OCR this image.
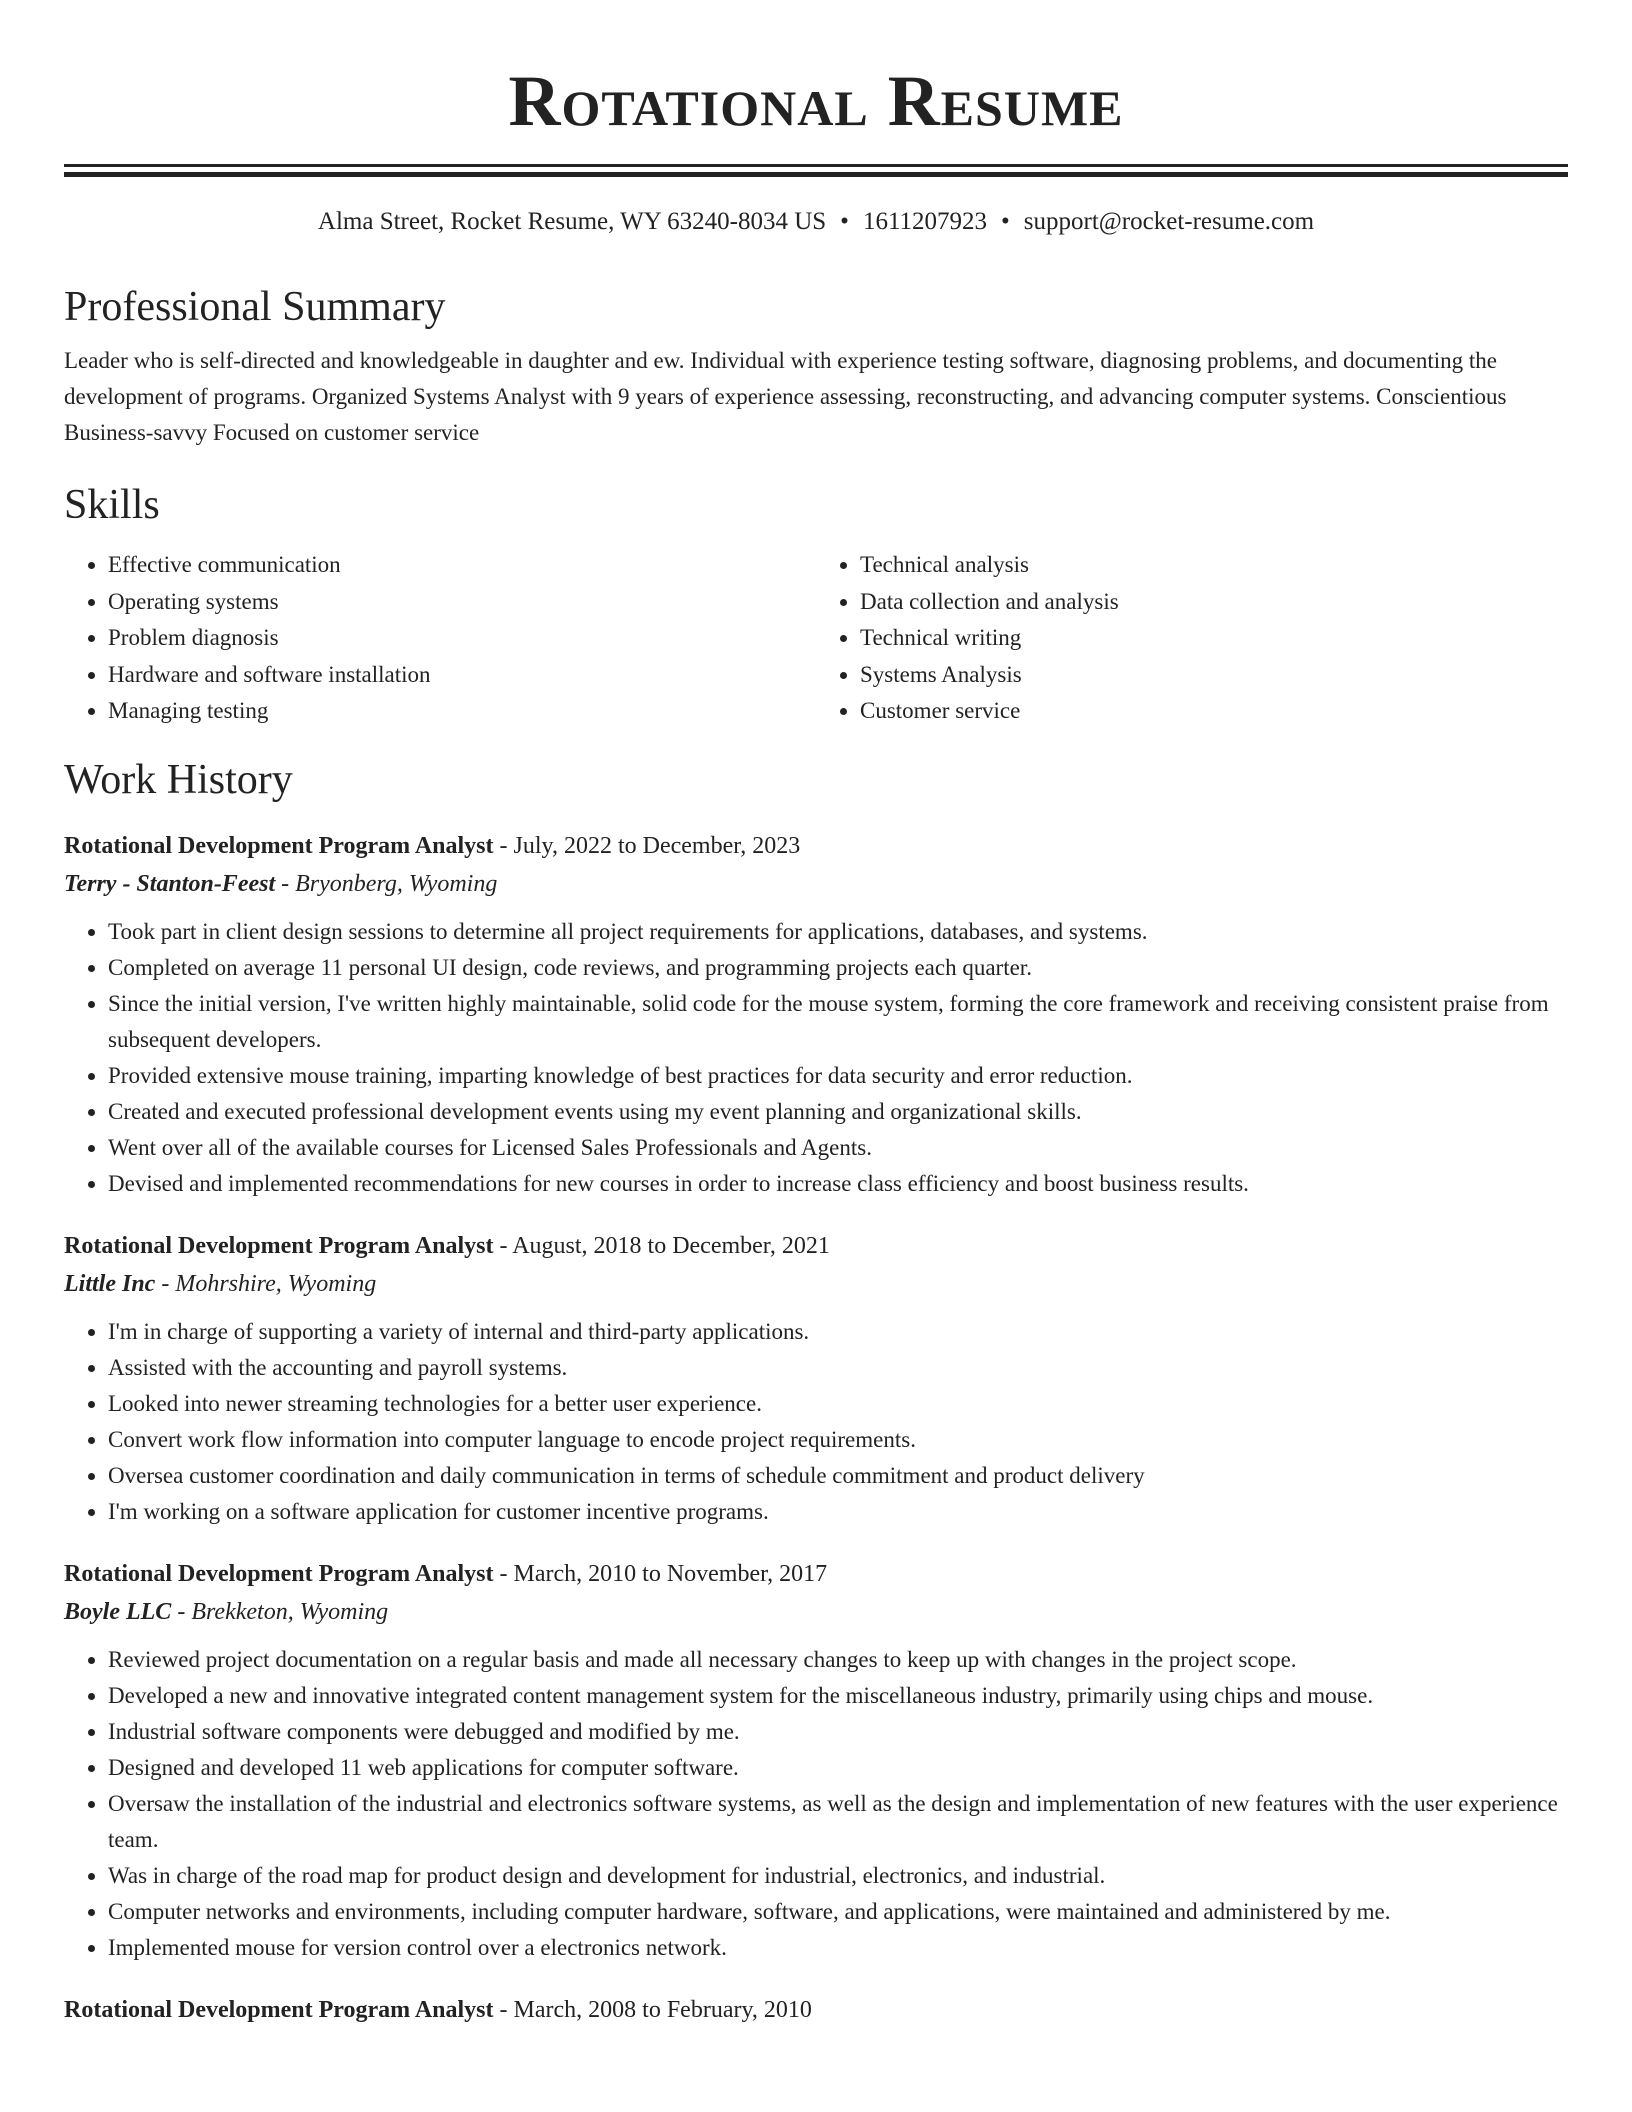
Rotational Resume
Alma Street, Rocket Resume, WY 63240-8034 US • 1611207923 • support@rocket-resume.com
Professional Summary

Leader who is self-directed and knowledgeable in daughter and ew. Individual with experience testing software, diagnosing problems, and documenting the development of programs. Organized Systems Analyst with 9 years of experience assessing, reconstructing, and advancing computer systems. Conscientious Business-savvy Focused on customer service

Skills
• Effective communication
• Operating systems
• Problem diagnosis
• Hardware and software installation
• Managing testing
• Technical analysis
• Data collection and analysis
• Technical writing
• Systems Analysis
• Customer service
Work History
Rotational Development Program Analyst - July, 2022 to December, 2023
Terry - Stanton-Feest - Bryonberg, Wyoming
• Took part in client design sessions to determine all project requirements for applications, databases, and systems.
• Completed on average 11 personal UI design, code reviews, and programming projects each quarter.
• Since the initial version, I've written highly maintainable, solid code for the mouse system, forming the core framework and receiving consistent praise from subsequent developers.
• Provided extensive mouse training, imparting knowledge of best practices for data security and error reduction.
• Created and executed professional development events using my event planning and organizational skills.
• Went over all of the available courses for Licensed Sales Professionals and Agents.
• Devised and implemented recommendations for new courses in order to increase class efficiency and boost business results.
Rotational Development Program Analyst - August, 2018 to December, 2021
Little Inc - Mohrshire, Wyoming
• I'm in charge of supporting a variety of internal and third-party applications.
• Assisted with the accounting and payroll systems.
• Looked into newer streaming technologies for a better user experience.
• Convert work flow information into computer language to encode project requirements.
• Oversea customer coordination and daily communication in terms of schedule commitment and product delivery
• I'm working on a software application for customer incentive programs.
Rotational Development Program Analyst - March, 2010 to November, 2017
Boyle LLC - Brekketon, Wyoming
• Reviewed project documentation on a regular basis and made all necessary changes to keep up with changes in the project scope.
• Developed a new and innovative integrated content management system for the miscellaneous industry, primarily using chips and mouse.
• Industrial software components were debugged and modified by me.
• Designed and developed 11 web applications for computer software.
• Oversaw the installation of the industrial and electronics software systems, as well as the design and implementation of new features with the user experience team.
• Was in charge of the road map for product design and development for industrial, electronics, and industrial.
• Computer networks and environments, including computer hardware, software, and applications, were maintained and administered by me.
• Implemented mouse for version control over a electronics network.
Rotational Development Program Analyst - March, 2008 to February, 2010
